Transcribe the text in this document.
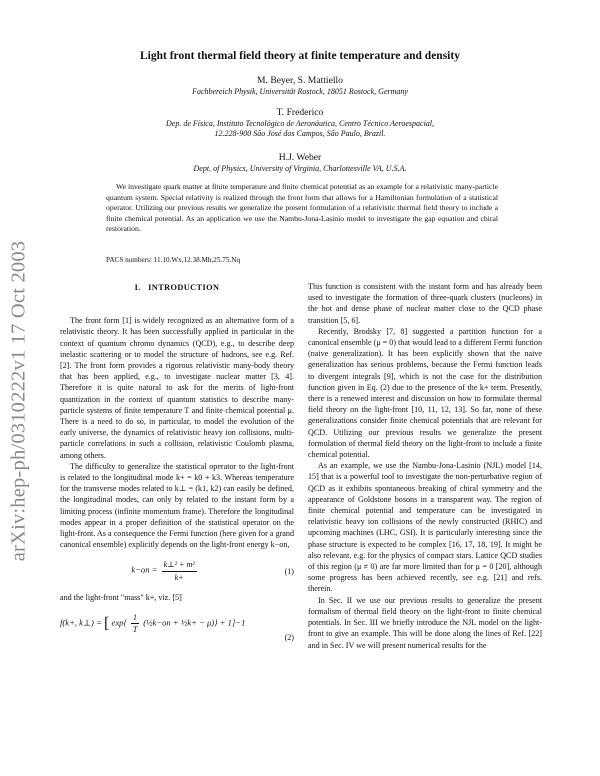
arXiv:hep-ph/0310222v1 17 Oct 2003
Light front thermal field theory at finite temperature and density
M. Beyer, S. Mattiello
Fachbereich Physik, Universität Rostock, 18051 Rostock, Germany
T. Frederico
Dep. de Física, Instituto Tecnológico de Aeronáutica, Centro Técnico Aeroespacial,
12.228-900 São José dos Campos, São Paulo, Brazil.
H.J. Weber
Dept. of Physics, University of Virginia, Charlottesville VA, U.S.A.

We investigate quark matter at finite temperature and finite chemical potential as an example for a relativistic many-particle quantum system. Special relativity is realized through the front form that allows for a Hamiltonian formulation of a statistical operator. Utilizing our previous results we generalize the present formulation of a relativistic thermal field theory to include a finite chemical potential. As an application we use the Nambu-Jona-Lasinio model to investigate the gap equation and chiral restoration.

PACS numbers: 11.10.Wx,12.38.Mh,25.75.Nq
I. INTRODUCTION

The front form [1] is widely recognized as an alternative form of a relativistic theory. It has been successfully applied in particular in the context of quantum chromo dynamics (QCD), e.g., to describe deep inelastic scattering or to model the structure of hadrons, see e.g. Ref. [2]. The front form provides a rigorous relativistic many-body theory that has been applied, e.g., to investigate nuclear matter [3, 4]. Therefore it is quite natural to ask for the merits of light-front quantization in the context of quantum statistics to describe many-particle systems of finite temperature T and finite chemical potential μ. There is a need to do so, in particular, to model the evolution of the early universe, the dynamics of relativistic heavy ion collisions, multi-particle correlations in such a collision, relativistic Coulomb plasma, among others.

The difficulty to generalize the statistical operator to the light-front is related to the longitudinal mode k+ = k0 + k3. Whereas temperature for the transverse modes related to k⊥ = (k1, k2) can easily be defined, the longitudinal modes, can only by related to the instant form by a limiting process (infinite momentum frame). Therefore the longitudinal modes appear in a proper definition of the statistical operator on the light-front. As a consequence the Fermi function (here given for a grand canonical ensemble) explicitly depends on the light-front energy k−on,

$k-on = \frac{\text{k⊥² + m²}}{k+}$	(1)

and the light-front "mass" k+, viz. [5]

f(k+, k⊥) = [ $\exp\{ \frac{1}{T}$ (½k−on + ½k+ − μ)} + 1]−1
(2)

This function is consistent with the instant form and has already been used to investigate the formation of three-quark clusters (nucleons) in the hot and dense phase of nuclear matter close to the QCD phase transition [5, 6].

Recently, Brodsky [7, 8] suggested a partition function for a canonical ensemble (μ = 0) that would lead to a different Fermi function (naive generalization). It has been explicitly shown that the naive generalization has serious problems, because the Fermi function leads to divergent integrals [9], which is not the case for the distribution function given in Eq. (2) due to the presence of the k+ term. Presently, there is a renewed interest and discussion on how to formulate thermal field theory on the light-front [10, 11, 12, 13]. So far, none of these generalizations consider finite chemical potentials that are relevant for QCD. Utilizing our previous results we generalize the present formulation of thermal field theory on the light-front to include a finite chemical potential.

As an example, we use the Nambu-Jona-Lasinio (NJL) model [14, 15] that is a powerful tool to investigate the non-perturbative region of QCD as it exhibits spontaneous breaking of chiral symmetry and the appearance of Goldstone bosons in a transparent way. The region of finite chemical potential and temperature can be investigated in relativistic heavy ion collisions of the newly constructed (RHIC) and upcoming machines (LHC, GSI). It is particularly interesting since the phase structure is expected to be complex [16, 17, 18, 19]. It might be also relevant, e.g. for the physics of compact stars. Lattice QCD studies of this region (μ ≠ 0) are far more limited than for μ = 0 [20], although some progress has been achieved recently, see e.g. [21] and refs. therein.

In Sec. II we use our previous results to generalize the present formalism of thermal field theory on the light-front to finite chemical potentials. In Sec. III we briefly introduce the NJL model on the light-front to give an example. This will be done along the lines of Ref. [22] and in Sec. IV we will present numerical results for the
